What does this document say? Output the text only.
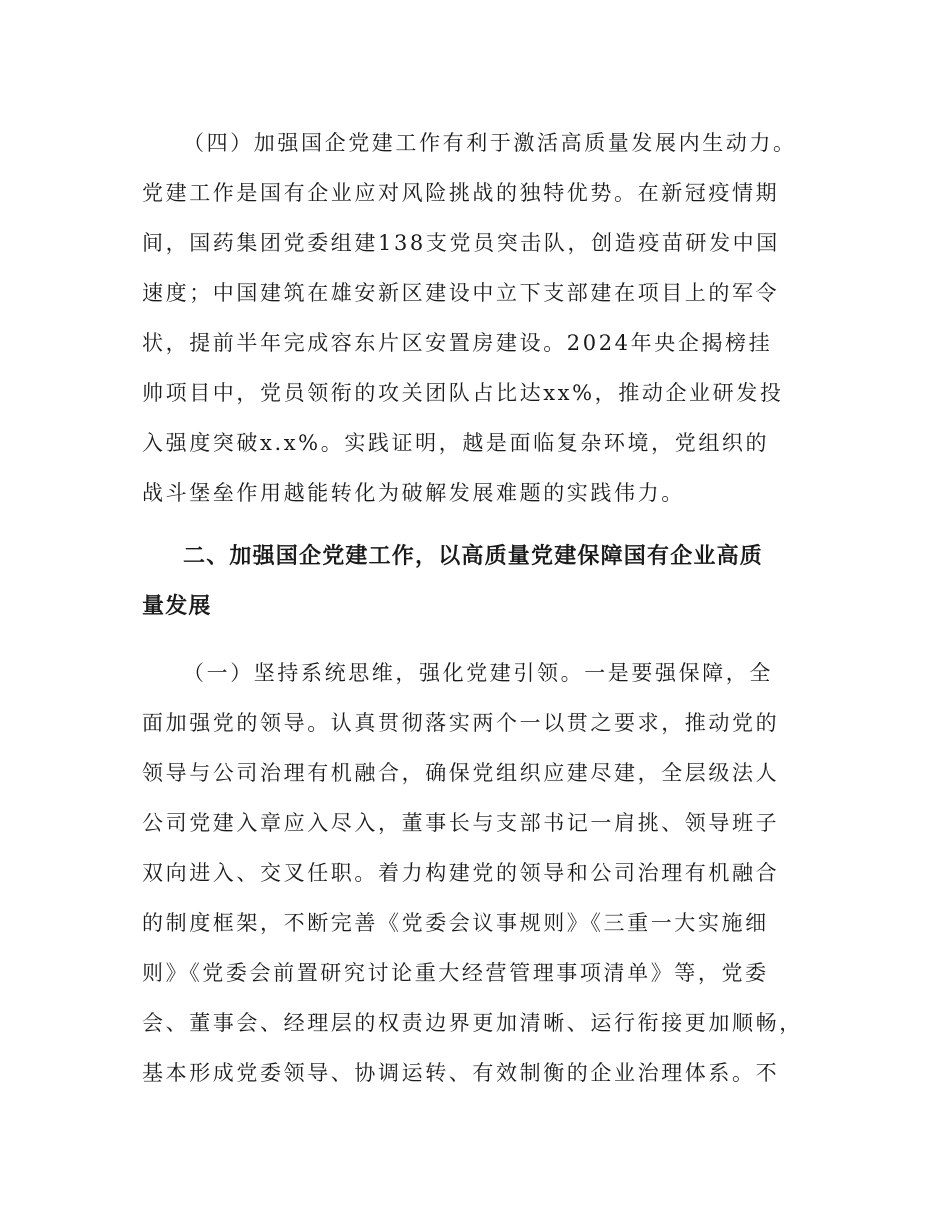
（四）加强国企党建工作有利于激活高质量发展内生动力。
党建工作是国有企业应对风险挑战的独特优势。在新冠疫情期
间，国药集团党委组建138支党员突击队，创造疫苗研发中国
速度；中国建筑在雄安新区建设中立下支部建在项目上的军令
状，提前半年完成容东片区安置房建设。2024年央企揭榜挂
帅项目中，党员领衔的攻关团队占比达xx%，推动企业研发投
入强度突破x.x%。实践证明，越是面临复杂环境，党组织的
战斗堡垒作用越能转化为破解发展难题的实践伟力。
二、加强国企党建工作，以高质量党建保障国有企业高质
量发展
（一）坚持系统思维，强化党建引领。一是要强保障，全
面加强党的领导。认真贯彻落实两个一以贯之要求，推动党的
领导与公司治理有机融合，确保党组织应建尽建，全层级法人
公司党建入章应入尽入，董事长与支部书记一肩挑、领导班子
双向进入、交叉任职。着力构建党的领导和公司治理有机融合
的制度框架，不断完善《党委会议事规则》《三重一大实施细
则》《党委会前置研究讨论重大经营管理事项清单》等，党委
会、董事会、经理层的权责边界更加清晰、运行衔接更加顺畅，
基本形成党委领导、协调运转、有效制衡的企业治理体系。不
